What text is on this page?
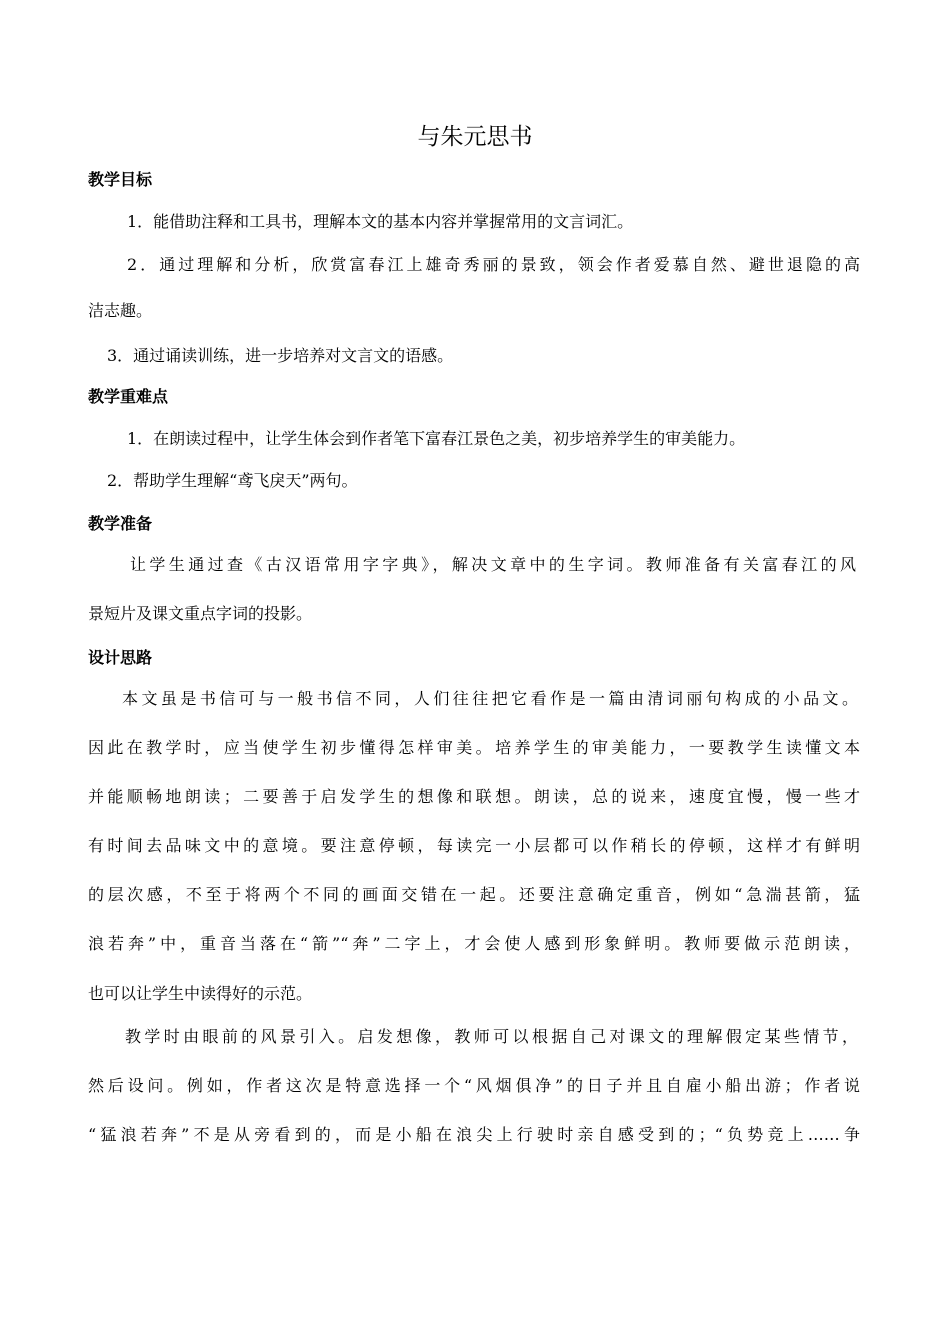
与朱元思书
教学目标
1．能借助注释和工具书，理解本文的基本内容并掌握常用的文言词汇。
2．通过理解和分析，欣赏富春江上雄奇秀丽的景致，领会作者爱慕自然、避世退隐的高
洁志趣。
3．通过诵读训练，进一步培养对文言文的语感。
教学重难点
1．在朗读过程中，让学生体会到作者笔下富春江景色之美，初步培养学生的审美能力。
2．帮助学生理解“鸢飞戾天”两句。
教学准备
让学生通过查《古汉语常用字字典》，解决文章中的生字词。教师准备有关富春江的风
景短片及课文重点字词的投影。
设计思路
本文虽是书信可与一般书信不同，人们往往把它看作是一篇由清词丽句构成的小品文。
因此在教学时，应当使学生初步懂得怎样审美。培养学生的审美能力，一要教学生读懂文本
并能顺畅地朗读；二要善于启发学生的想像和联想。朗读，总的说来，速度宜慢，慢一些才
有时间去品味文中的意境。要注意停顿，每读完一小层都可以作稍长的停顿，这样才有鲜明
的层次感，不至于将两个不同的画面交错在一起。还要注意确定重音，例如“急湍甚箭，猛
浪若奔”中，重音当落在“箭”“奔”二字上，才会使人感到形象鲜明。教师要做示范朗读，
也可以让学生中读得好的示范。
教学时由眼前的风景引入。启发想像，教师可以根据自己对课文的理解假定某些情节，
然后设问。例如，作者这次是特意选择一个“风烟俱净”的日子并且自雇小船出游；作者说
“猛浪若奔”不是从旁看到的，而是小船在浪尖上行驶时亲自感受到的；“负势竞上……争
